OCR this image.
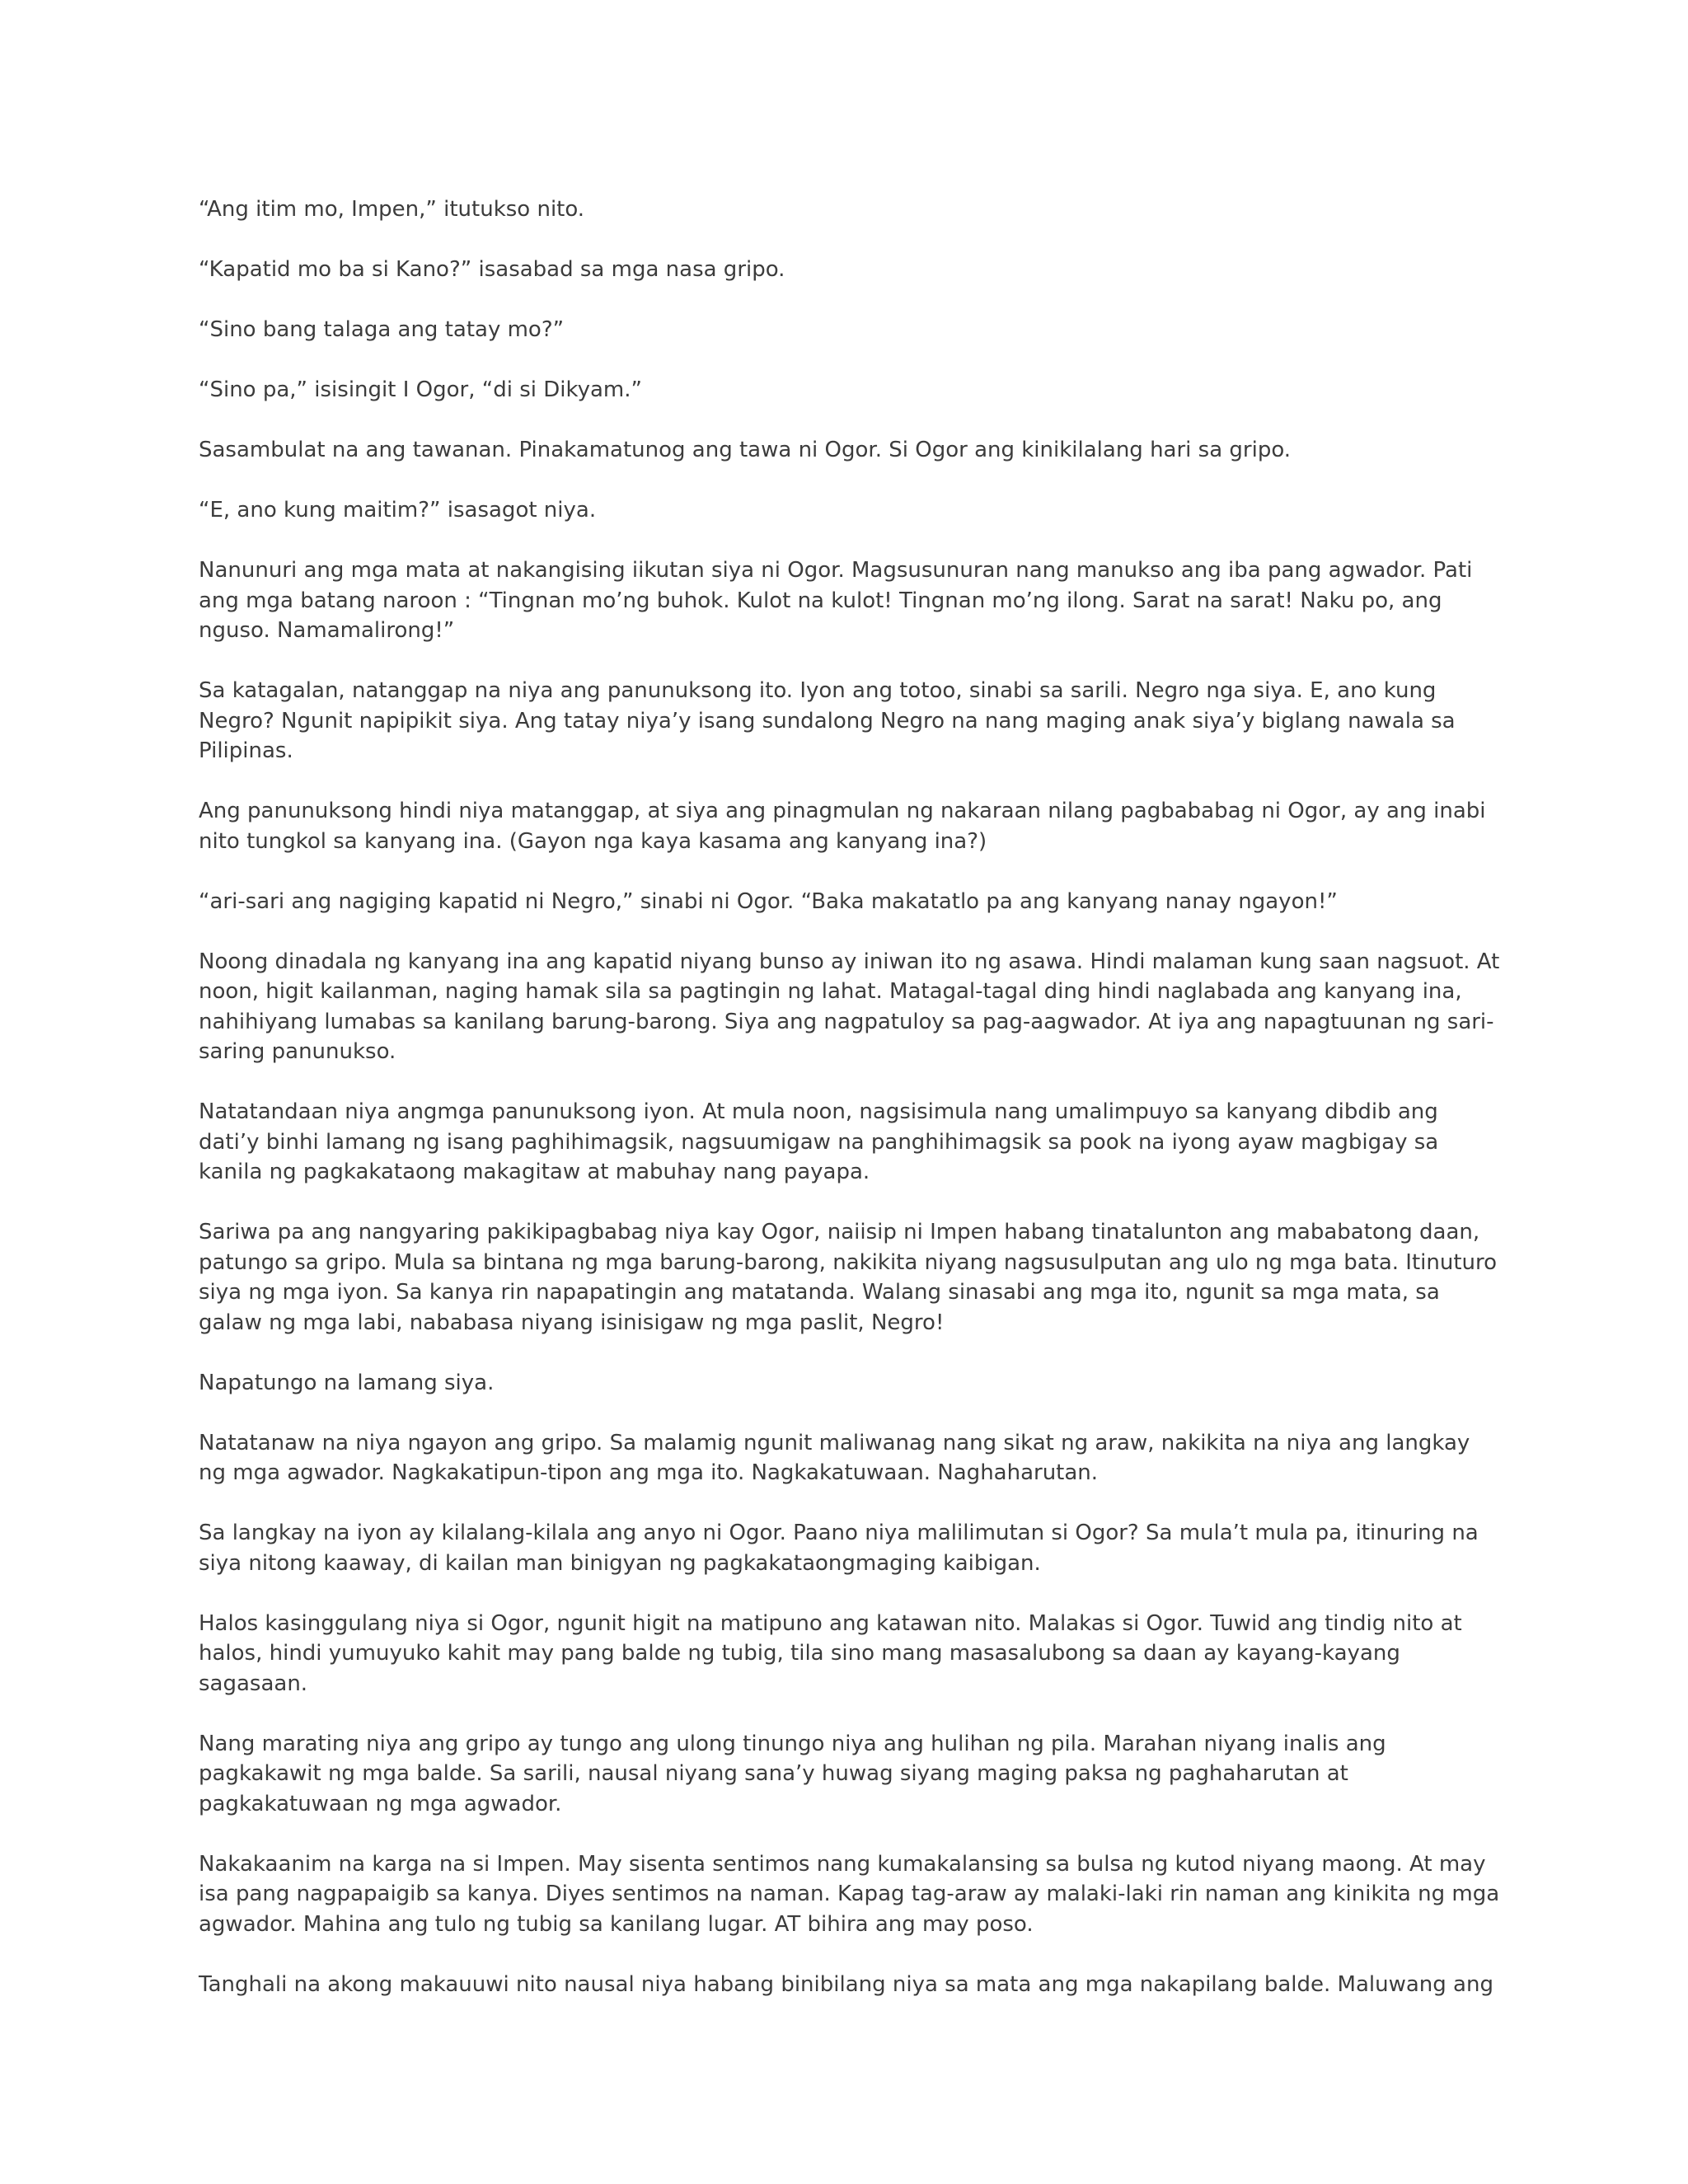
“Ang itim mo, Impen,” itutukso nito.

“Kapatid mo ba si Kano?” isasabad sa mga nasa gripo.

“Sino bang talaga ang tatay mo?”

“Sino pa,” isisingit I Ogor, “di si Dikyam.”

Sasambulat na ang tawanan. Pinakamatunog ang tawa ni Ogor. Si Ogor ang kinikilalang hari sa gripo.

“E, ano kung maitim?” isasagot niya.

Nanunuri ang mga mata at nakangising iikutan siya ni Ogor. Magsusunuran nang manukso ang iba pang agwador. Pati ang mga batang naroon : “Tingnan mo’ng buhok. Kulot na kulot! Tingnan mo’ng ilong. Sarat na sarat! Naku po, ang nguso. Namamalirong!”

Sa katagalan, natanggap na niya ang panunuksong ito. Iyon ang totoo, sinabi sa sarili. Negro nga siya. E, ano kung Negro? Ngunit napipikit siya. Ang tatay niya’y isang sundalong Negro na nang maging anak siya’y biglang nawala sa Pilipinas.

Ang panunuksong hindi niya matanggap, at siya ang pinagmulan ng nakaraan nilang pagbababag ni Ogor, ay ang inabi nito tungkol sa kanyang ina. (Gayon nga kaya kasama ang kanyang ina?)

“ari-sari ang nagiging kapatid ni Negro,” sinabi ni Ogor. “Baka makatatlo pa ang kanyang nanay ngayon!”

Noong dinadala ng kanyang ina ang kapatid niyang bunso ay iniwan ito ng asawa. Hindi malaman kung saan nagsuot. At noon, higit kailanman, naging hamak sila sa pagtingin ng lahat. Matagal-tagal ding hindi naglabada ang kanyang ina, nahihiyang lumabas sa kanilang barung-barong. Siya ang nagpatuloy sa pag-aagwador. At iya ang napagtuunan ng sari-saring panunukso.

Natatandaan niya angmga panunuksong iyon. At mula noon, nagsisimula nang umalimpuyo sa kanyang dibdib ang dati’y binhi lamang ng isang paghihimagsik, nagsuumigaw na panghihimagsik sa pook na iyong ayaw magbigay sa kanila ng pagkakataong makagitaw at mabuhay nang payapa.

Sariwa pa ang nangyaring pakikipagbabag niya kay Ogor, naiisip ni Impen habang tinatalunton ang mababatong daan, patungo sa gripo. Mula sa bintana ng mga barung-barong, nakikita niyang nagsusulputan ang ulo ng mga bata. Itinuturo siya ng mga iyon. Sa kanya rin napapatingin ang matatanda. Walang sinasabi ang mga ito, ngunit sa mga mata, sa galaw ng mga labi, nababasa niyang isinisigaw ng mga paslit, Negro!

Napatungo na lamang siya.

Natatanaw na niya ngayon ang gripo. Sa malamig ngunit maliwanag nang sikat ng araw, nakikita na niya ang langkay ng mga agwador. Nagkakatipun-tipon ang mga ito. Nagkakatuwaan. Naghaharutan.

Sa langkay na iyon ay kilalang-kilala ang anyo ni Ogor. Paano niya malilimutan si Ogor? Sa mula’t mula pa, itinuring na siya nitong kaaway, di kailan man binigyan ng pagkakataongmaging kaibigan.

Halos kasinggulang niya si Ogor, ngunit higit na matipuno ang katawan nito. Malakas si Ogor. Tuwid ang tindig nito at halos, hindi yumuyuko kahit may pang balde ng tubig, tila sino mang masasalubong sa daan ay kayang-kayang sagasaan.

Nang marating niya ang gripo ay tungo ang ulong tinungo niya ang hulihan ng pila. Marahan niyang inalis ang pagkakawit ng mga balde. Sa sarili, nausal niyang sana’y huwag siyang maging paksa ng paghaharutan at pagkakatuwaan ng mga agwador.

Nakakaanim na karga na si Impen. May sisenta sentimos nang kumakalansing sa bulsa ng kutod niyang maong. At may isa pang nagpapaigib sa kanya. Diyes sentimos na naman. Kapag tag-araw ay malaki-laki rin naman ang kinikita ng mga agwador. Mahina ang tulo ng tubig sa kanilang lugar. AT bihira ang may poso.

Tanghali na akong makauuwi nito nausal niya habang binibilang niya sa mata ang mga nakapilang balde. Maluwang ang
